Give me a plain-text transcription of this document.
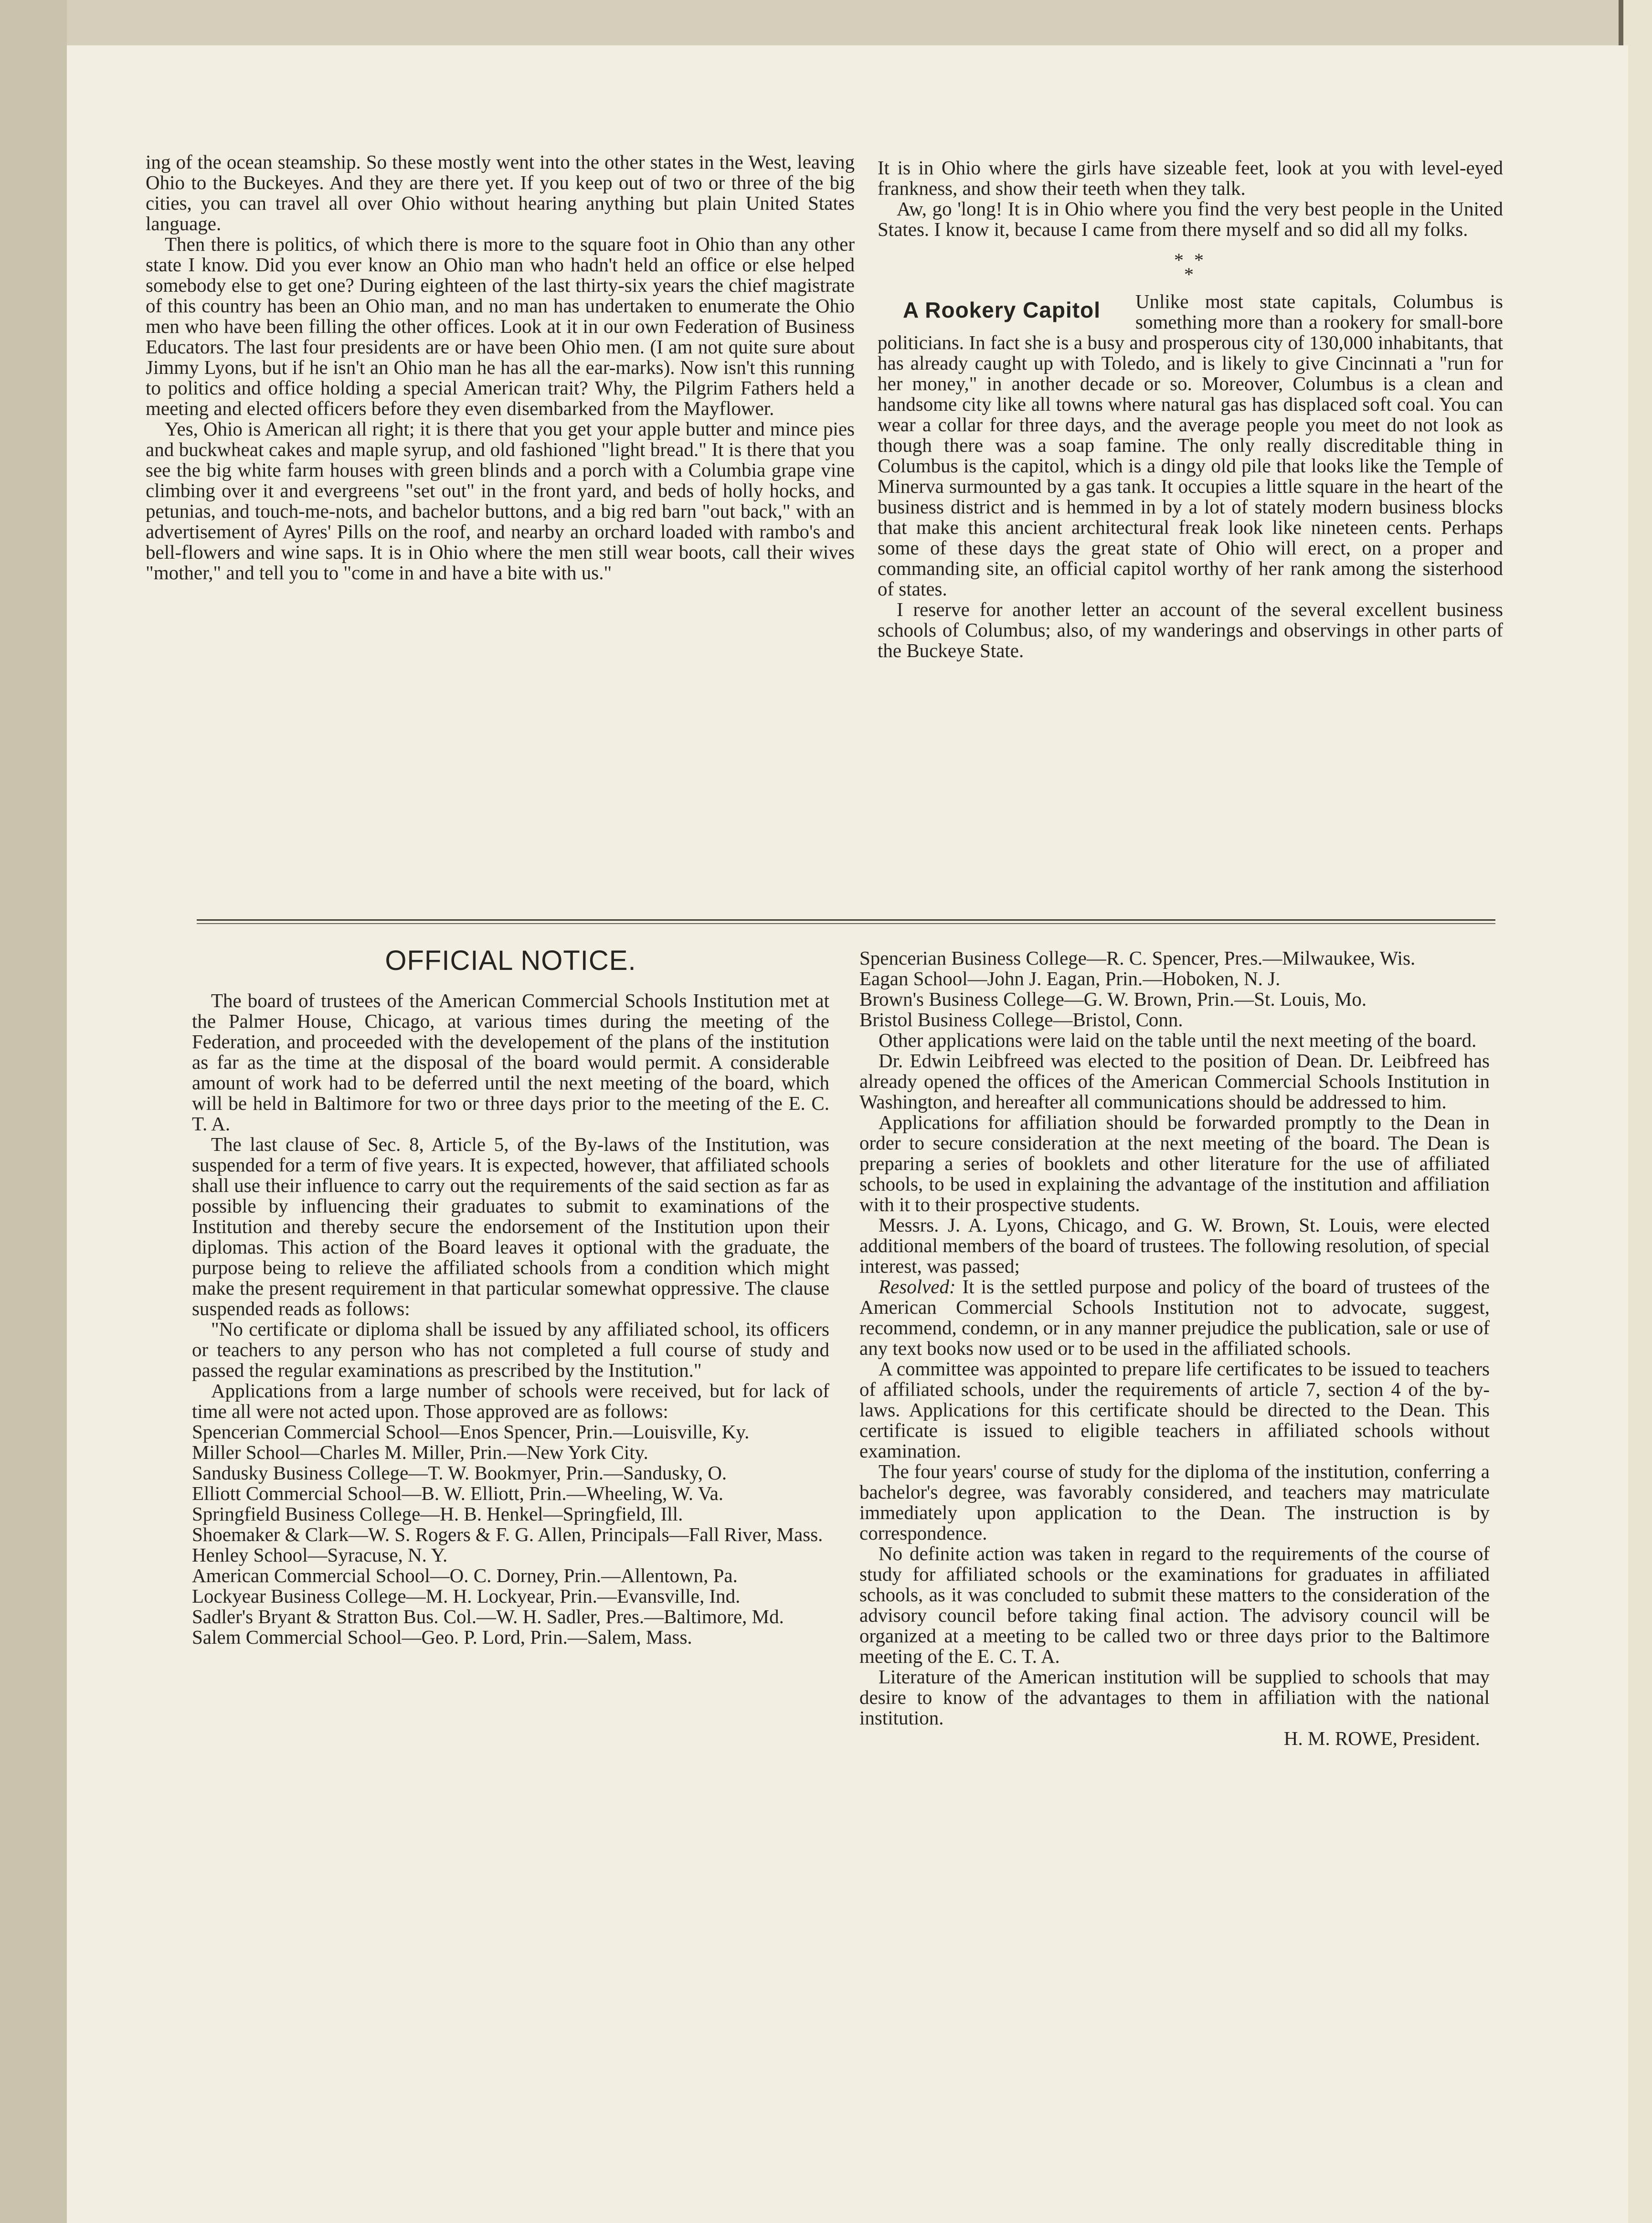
ing of the ocean steamship. So these mostly went into the other states in the West, leaving Ohio to the Buckeyes. And they are there yet. If you keep out of two or three of the big cities, you can travel all over Ohio without hearing anything but plain United States language.

Then there is politics, of which there is more to the square foot in Ohio than any other state I know. Did you ever know an Ohio man who hadn't held an office or else helped somebody else to get one? During eighteen of the last thirty-six years the chief magistrate of this country has been an Ohio man, and no man has undertaken to enumerate the Ohio men who have been filling the other offices. Look at it in our own Federation of Business Educators. The last four presidents are or have been Ohio men. (I am not quite sure about Jimmy Lyons, but if he isn't an Ohio man he has all the ear-marks). Now isn't this running to politics and office holding a special American trait? Why, the Pilgrim Fathers held a meeting and elected officers before they even disembarked from the Mayflower.

Yes, Ohio is American all right; it is there that you get your apple butter and mince pies and buckwheat cakes and maple syrup, and old fashioned "light bread." It is there that you see the big white farm houses with green blinds and a porch with a Columbia grape vine climbing over it and evergreens "set out" in the front yard, and beds of holly hocks, and petunias, and touch-me-nots, and bachelor buttons, and a big red barn "out back," with an advertisement of Ayres' Pills on the roof, and nearby an orchard loaded with rambo's and bell-flowers and wine saps. It is in Ohio where the men still wear boots, call their wives "mother," and tell you to "come in and have a bite with us."

It is in Ohio where the girls have sizeable feet, look at you with level-eyed frankness, and show their teeth when they talk.

Aw, go 'long! It is in Ohio where you find the very best people in the United States. I know it, because I came from there myself and so did all my folks.

* *
*
A Rookery Capitol	Unlike most state capitals, Columbus is something more than a rookery for small-bore politicians. In fact she is a busy and prosperous city of 130,000 inhabitants, that has already caught up with Toledo, and is likely to give Cincinnati a "run for her money," in another decade or so. Moreover, Columbus is a clean and handsome city like all towns where natural gas has displaced soft coal. You can wear a collar for three days, and the average people you meet do not look as though there was a soap famine. The only really discreditable thing in Columbus is the capitol, which is a dingy old pile that looks like the Temple of Minerva surmounted by a gas tank. It occupies a little square in the heart of the business district and is hemmed in by a lot of stately modern business blocks that make this ancient architectural freak look like nineteen cents. Perhaps some of these days the great state of Ohio will erect, on a proper and commanding site, an official capitol worthy of her rank among the sisterhood of states.

I reserve for another letter an account of the several excellent business schools of Columbus; also, of my wanderings and observings in other parts of the Buckeye State.

OFFICIAL NOTICE.

The board of trustees of the American Commercial Schools Institution met at the Palmer House, Chicago, at various times during the meeting of the Federation, and proceeded with the developement of the plans of the institution as far as the time at the disposal of the board would permit. A considerable amount of work had to be deferred until the next meeting of the board, which will be held in Baltimore for two or three days prior to the meeting of the E. C. T. A.

The last clause of Sec. 8, Article 5, of the By-laws of the Institution, was suspended for a term of five years. It is expected, however, that affiliated schools shall use their influence to carry out the requirements of the said section as far as possible by influencing their graduates to submit to examinations of the Institution and thereby secure the endorsement of the Institution upon their diplomas. This action of the Board leaves it optional with the graduate, the purpose being to relieve the affiliated schools from a condition which might make the present requirement in that particular somewhat oppressive. The clause suspended reads as follows:

"No certificate or diploma shall be issued by any affiliated school, its officers or teachers to any person who has not completed a full course of study and passed the regular examinations as prescribed by the Institution."

Applications from a large number of schools were received, but for lack of time all were not acted upon. Those approved are as follows:

Spencerian Commercial School—Enos Spencer, Prin.—Louisville, Ky.

Miller School—Charles M. Miller, Prin.—New York City.

Sandusky Business College—T. W. Bookmyer, Prin.—Sandusky, O.

Elliott Commercial School—B. W. Elliott, Prin.—Wheeling, W. Va.

Springfield Business College—H. B. Henkel—Springfield, Ill.

Shoemaker & Clark—W. S. Rogers & F. G. Allen, Principals—Fall River, Mass.

Henley School—Syracuse, N. Y.

American Commercial School—O. C. Dorney, Prin.—Allentown, Pa.

Lockyear Business College—M. H. Lockyear, Prin.—Evansville, Ind.

Sadler's Bryant & Stratton Bus. Col.—W. H. Sadler, Pres.—Baltimore, Md.

Salem Commercial School—Geo. P. Lord, Prin.—Salem, Mass.

Spencerian Business College—R. C. Spencer, Pres.—Milwaukee, Wis.

Eagan School—John J. Eagan, Prin.—Hoboken, N. J.

Brown's Business College—G. W. Brown, Prin.—St. Louis, Mo.

Bristol Business College—Bristol, Conn.

Other applications were laid on the table until the next meeting of the board.

Dr. Edwin Leibfreed was elected to the position of Dean. Dr. Leibfreed has already opened the offices of the American Commercial Schools Institution in Washington, and hereafter all communications should be addressed to him.

Applications for affiliation should be forwarded promptly to the Dean in order to secure consideration at the next meeting of the board. The Dean is preparing a series of booklets and other literature for the use of affiliated schools, to be used in explaining the advantage of the institution and affiliation with it to their prospective students.

Messrs. J. A. Lyons, Chicago, and G. W. Brown, St. Louis, were elected additional members of the board of trustees. The following resolution, of special interest, was passed;

Resolved: It is the settled purpose and policy of the board of trustees of the American Commercial Schools Institution not to advocate, suggest, recommend, condemn, or in any manner prejudice the publication, sale or use of any text books now used or to be used in the affiliated schools.

A committee was appointed to prepare life certificates to be issued to teachers of affiliated schools, under the requirements of article 7, section 4 of the by-laws. Applications for this certificate should be directed to the Dean. This certificate is issued to eligible teachers in affiliated schools without examination.

The four years' course of study for the diploma of the institution, conferring a bachelor's degree, was favorably considered, and teachers may matriculate immediately upon application to the Dean. The instruction is by correspondence.

No definite action was taken in regard to the requirements of the course of study for affiliated schools or the examinations for graduates in affiliated schools, as it was concluded to submit these matters to the consideration of the advisory council before taking final action. The advisory council will be organized at a meeting to be called two or three days prior to the Baltimore meeting of the E. C. T. A.

Literature of the American institution will be supplied to schools that may desire to know of the advantages to them in affiliation with the national institution.

H. M. ROWE, President.
